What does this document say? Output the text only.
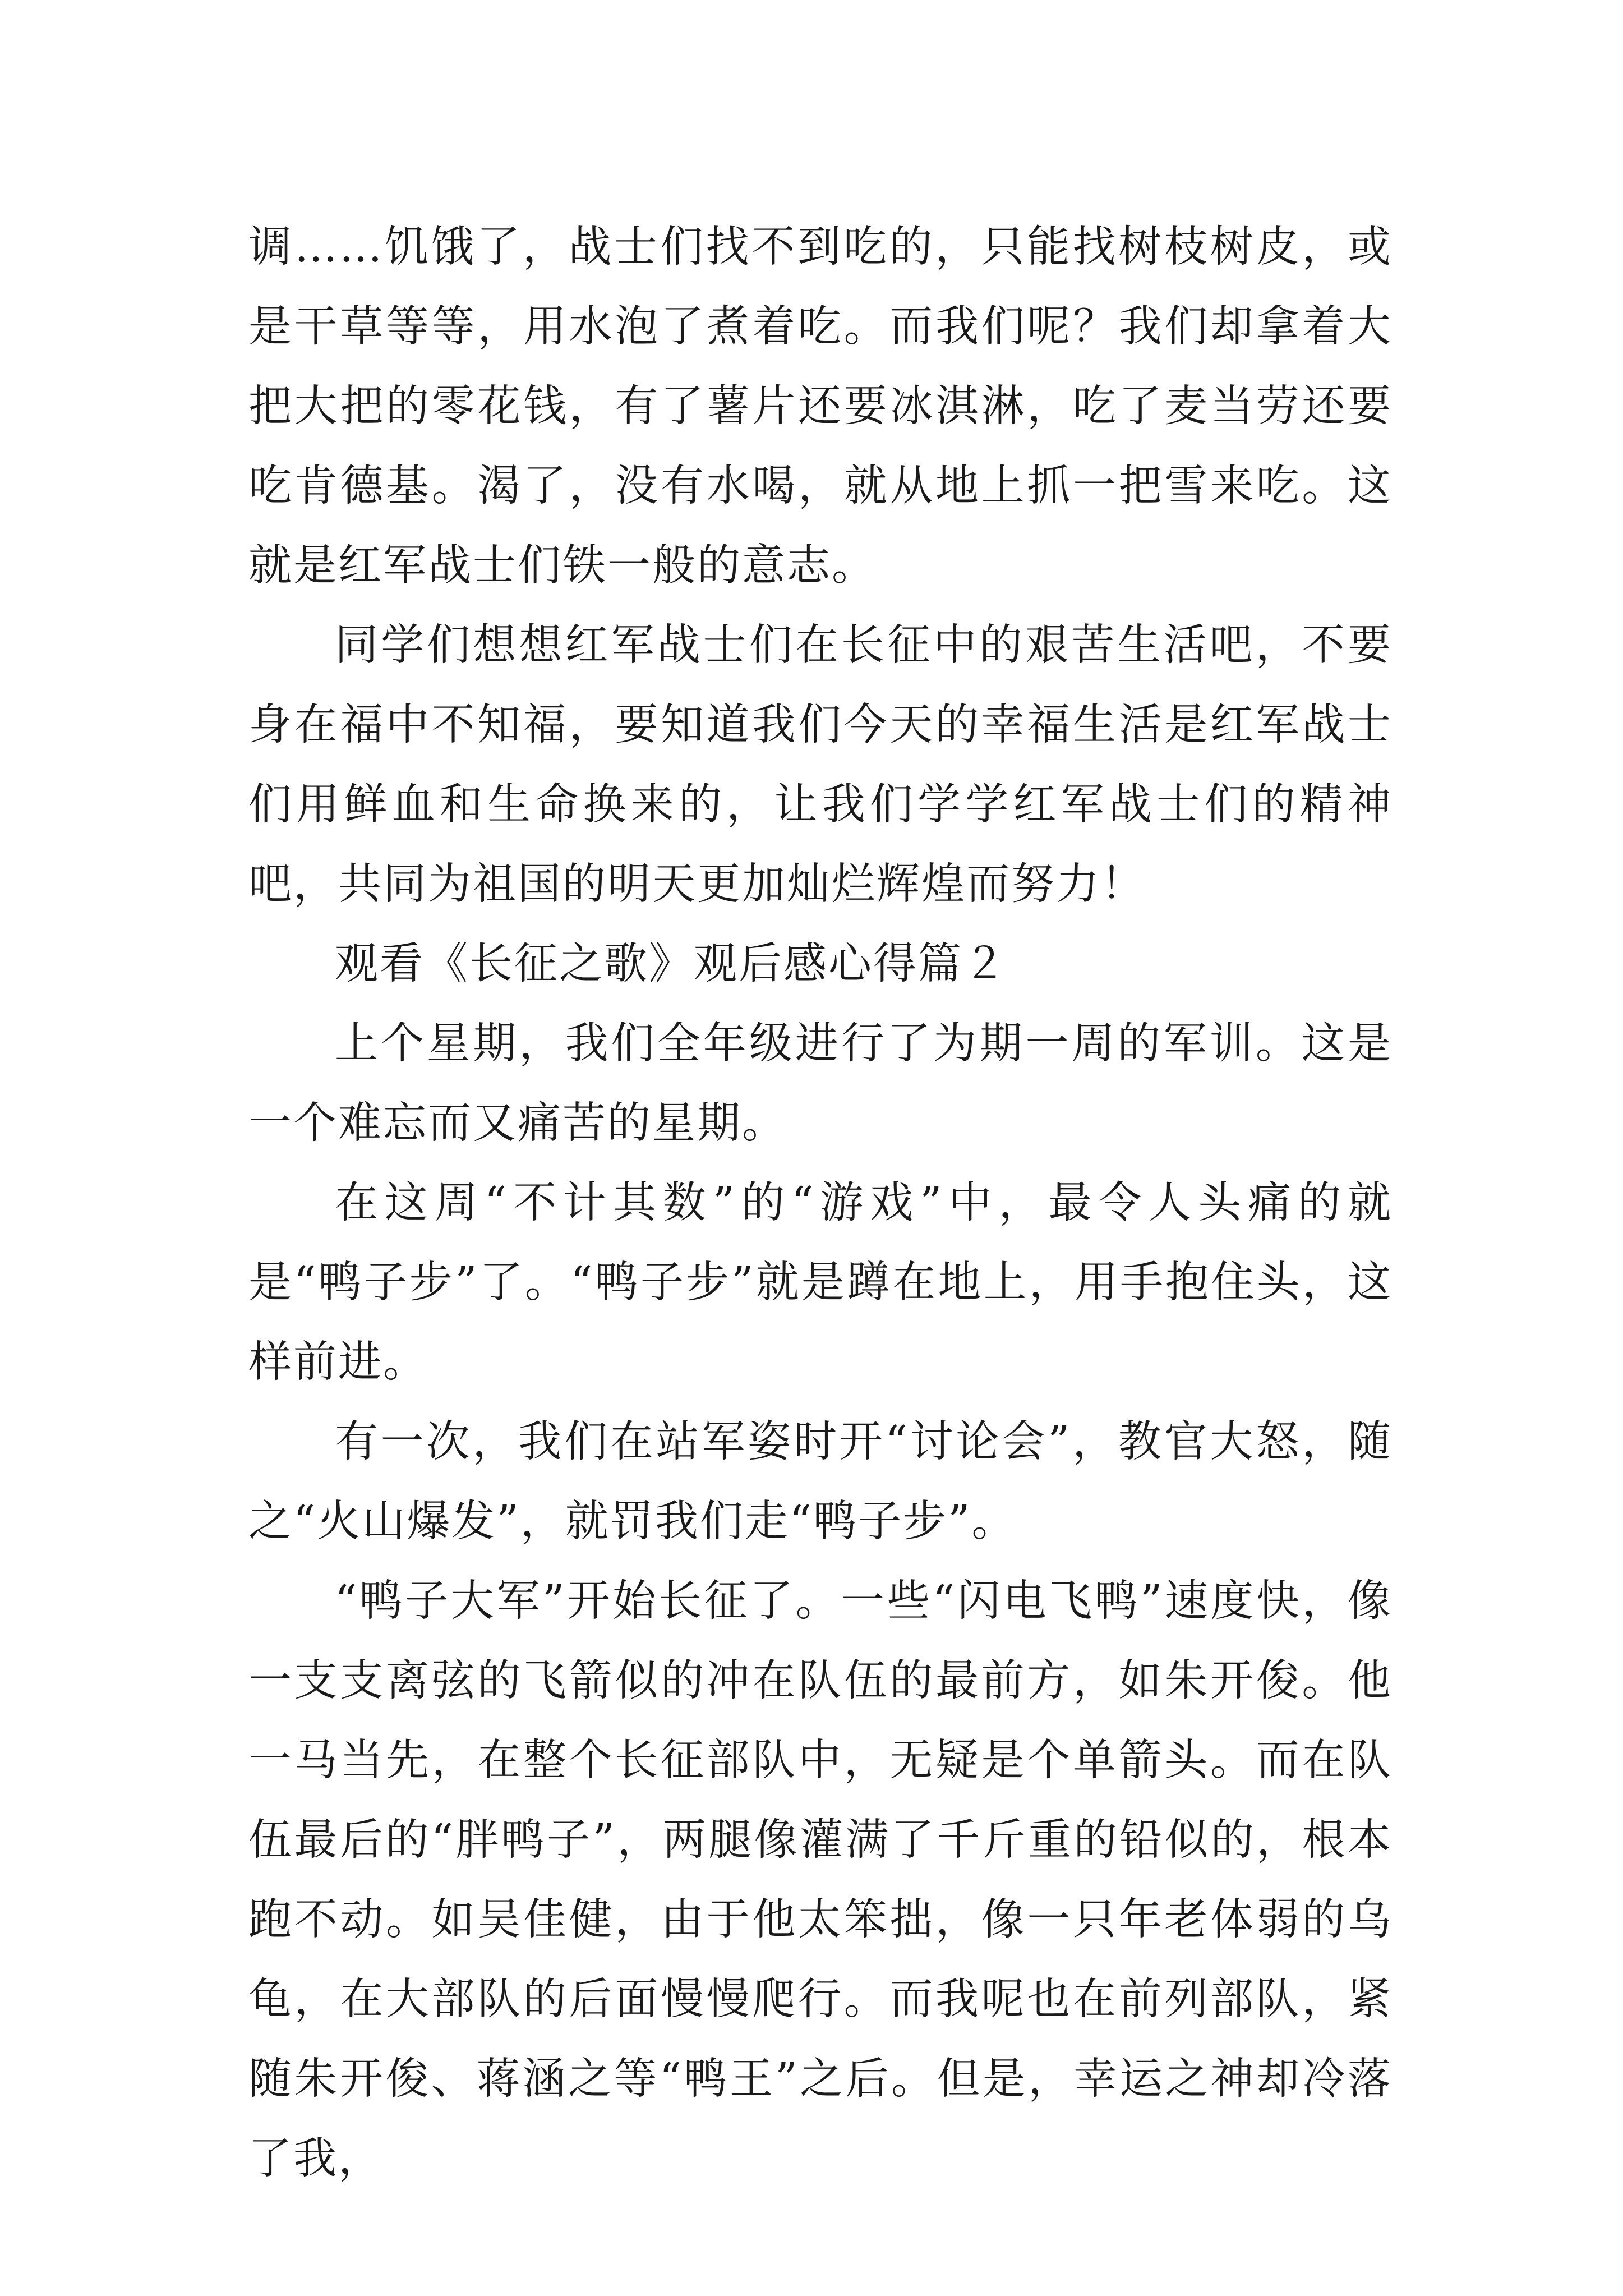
调……饥饿了，战士们找不到吃的，只能找树枝树皮，或是干草等等，用水泡了煮着吃。而我们呢？我们却拿着大把大把的零花钱，有了薯片还要冰淇淋，吃了麦当劳还要吃肯德基。渴了，没有水喝，就从地上抓一把雪来吃。这就是红军战士们铁一般的意志。

同学们想想红军战士们在长征中的艰苦生活吧，不要身在福中不知福，要知道我们今天的幸福生活是红军战士们用鲜血和生命换来的，让我们学学红军战士们的精神吧，共同为祖国的明天更加灿烂辉煌而努力！

观看《长征之歌》观后感心得篇２

上个星期，我们全年级进行了为期一周的军训。这是一个难忘而又痛苦的星期。

在这周“不计其数”的“游戏”中，最令人头痛的就是“鸭子步”了。“鸭子步”就是蹲在地上，用手抱住头，这样前进。

有一次，我们在站军姿时开“讨论会”，教官大怒，随之“火山爆发”，就罚我们走“鸭子步”。

“鸭子大军”开始长征了。一些“闪电飞鸭”速度快，像一支支离弦的飞箭似的冲在队伍的最前方，如朱开俊。他一马当先，在整个长征部队中，无疑是个单箭头。而在队伍最后的“胖鸭子”，两腿像灌满了千斤重的铅似的，根本跑不动。如吴佳健，由于他太笨拙，像一只年老体弱的乌龟，在大部队的后面慢慢爬行。而我呢也在前列部队，紧随朱开俊、蒋涵之等“鸭王”之后。但是，幸运之神却冷落了我，
